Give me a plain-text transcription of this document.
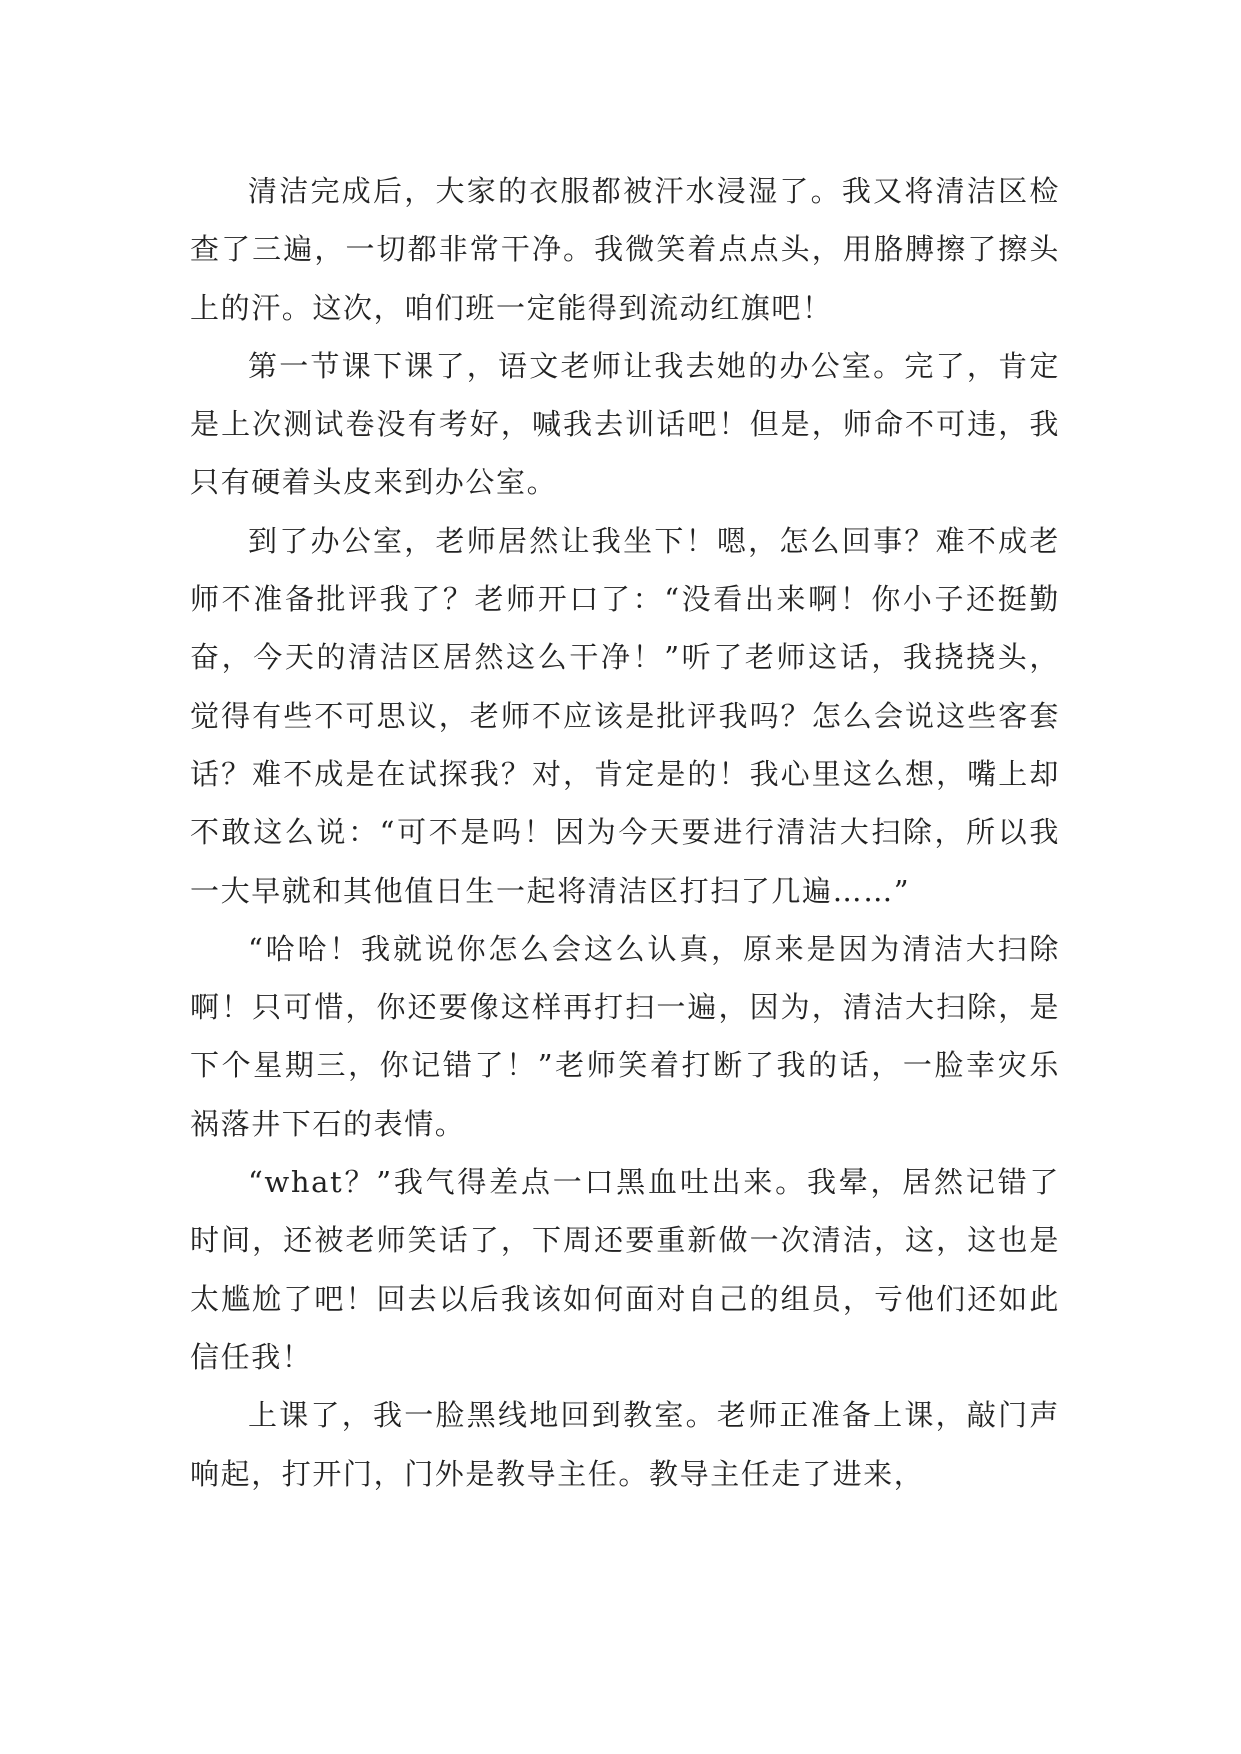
清洁完成后，大家的衣服都被汗水浸湿了。我又将清洁区检查了三遍，一切都非常干净。我微笑着点点头，用胳膊擦了擦头上的汗。这次，咱们班一定能得到流动红旗吧！

第一节课下课了，语文老师让我去她的办公室。完了，肯定是上次测试卷没有考好，喊我去训话吧！但是，师命不可违，我只有硬着头皮来到办公室。

到了办公室，老师居然让我坐下！嗯，怎么回事？难不成老师不准备批评我了？老师开口了：“没看出来啊！你小子还挺勤奋，今天的清洁区居然这么干净！”听了老师这话，我挠挠头，觉得有些不可思议，老师不应该是批评我吗？怎么会说这些客套话？难不成是在试探我？对，肯定是的！我心里这么想，嘴上却不敢这么说：“可不是吗！因为今天要进行清洁大扫除，所以我一大早就和其他值日生一起将清洁区打扫了几遍……”

“哈哈！我就说你怎么会这么认真，原来是因为清洁大扫除啊！只可惜，你还要像这样再打扫一遍，因为，清洁大扫除，是下个星期三，你记错了！”老师笑着打断了我的话，一脸幸灾乐祸落井下石的表情。

“what？”我气得差点一口黑血吐出来。我晕，居然记错了时间，还被老师笑话了，下周还要重新做一次清洁，这，这也是太尴尬了吧！回去以后我该如何面对自己的组员，亏他们还如此信任我！

上课了，我一脸黑线地回到教室。老师正准备上课，敲门声响起，打开门，门外是教导主任。教导主任走了进来，
